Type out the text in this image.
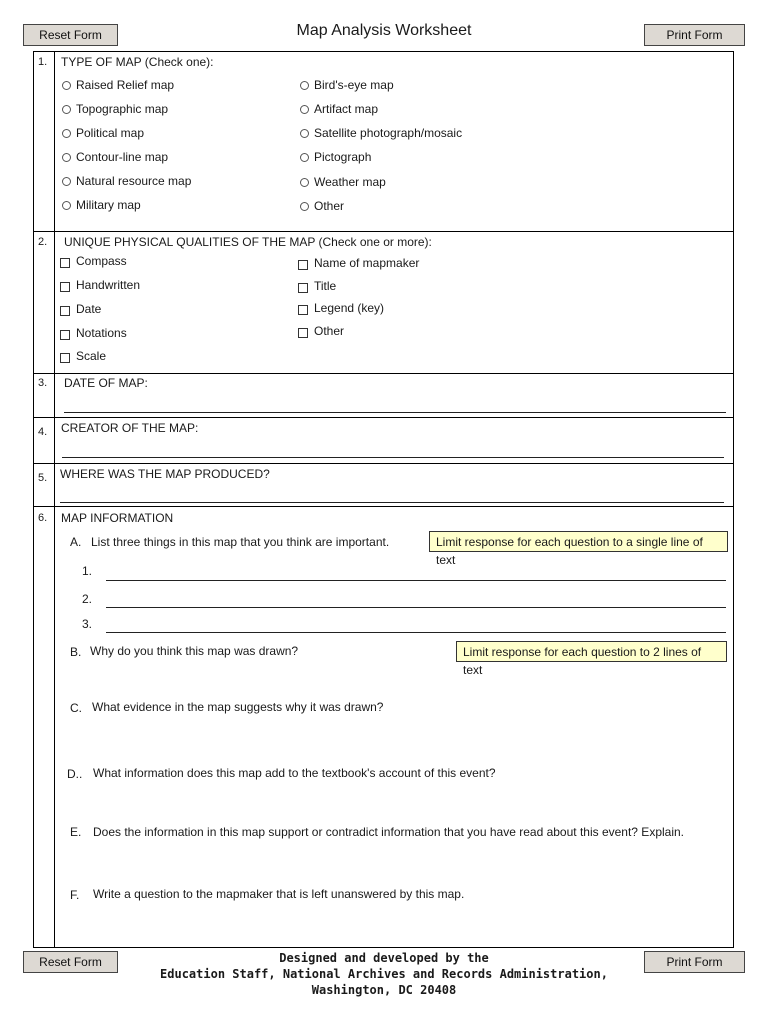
Reset Form	Map Analysis Worksheet	Print Form
1. TYPE OF MAP (Check one):
Raised Relief map
Topographic map
Political map
Contour-line map
Natural resource map
Military map
Bird's-eye map
Artifact map
Satellite photograph/mosaic
Pictograph
Weather map
Other
2. UNIQUE PHYSICAL QUALITIES OF THE MAP (Check one or more):
Compass
Handwritten
Date
Notations
Scale
Name of mapmaker
Title
Legend (key)
Other
3. DATE OF MAP:
4. CREATOR OF THE MAP:
5. WHERE WAS THE MAP PRODUCED?
6. MAP INFORMATION
A. List three things in this map that you think are important.	Limit response for each question to a single line of text
1.
2.
3.
B. Why do you think this map was drawn?	Limit response for each question to 2 lines of text
C. What evidence in the map suggests why it was drawn?
D.. What information does this map add to the textbook's account of this event?
E. Does the information in this map support or contradict information that you have read about this event? Explain.
F. Write a question to the mapmaker that is left unanswered by this map.
Reset Form	Designed and developed by the
Education Staff, National Archives and Records Administration,
Washington, DC 20408
Print Form
